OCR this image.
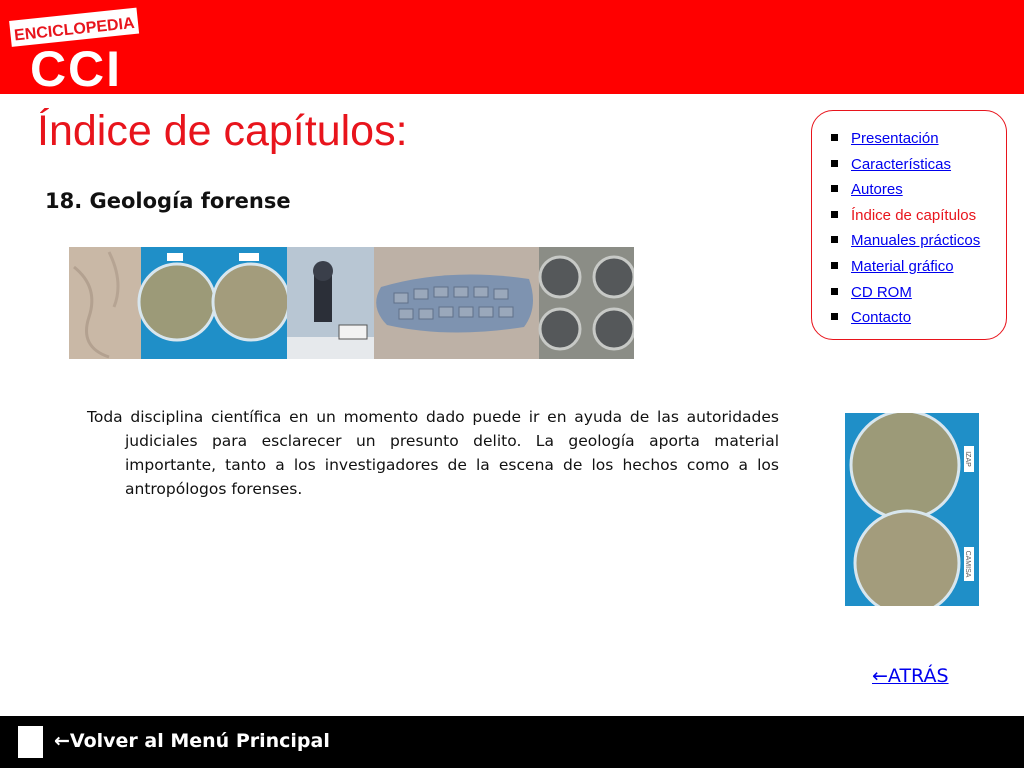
ENCICLOPEDIA
CCI
Índice de capítulos:
18. Geología forense
Toda disciplina científica en un momento dado puede ir en ayuda de las autoridades judiciales para esclarecer un presunto delito. La geología aporta material importante, tanto a los investigadores de la escena de los hechos como a los antropólogos forenses.
Presentación
Características
Autores
Índice de capítulos
Manuales prácticos
Material gráfico
CD ROM
Contacto
IZAP
CAMISA
←ATRÁS
←Volver al Menú Principal
